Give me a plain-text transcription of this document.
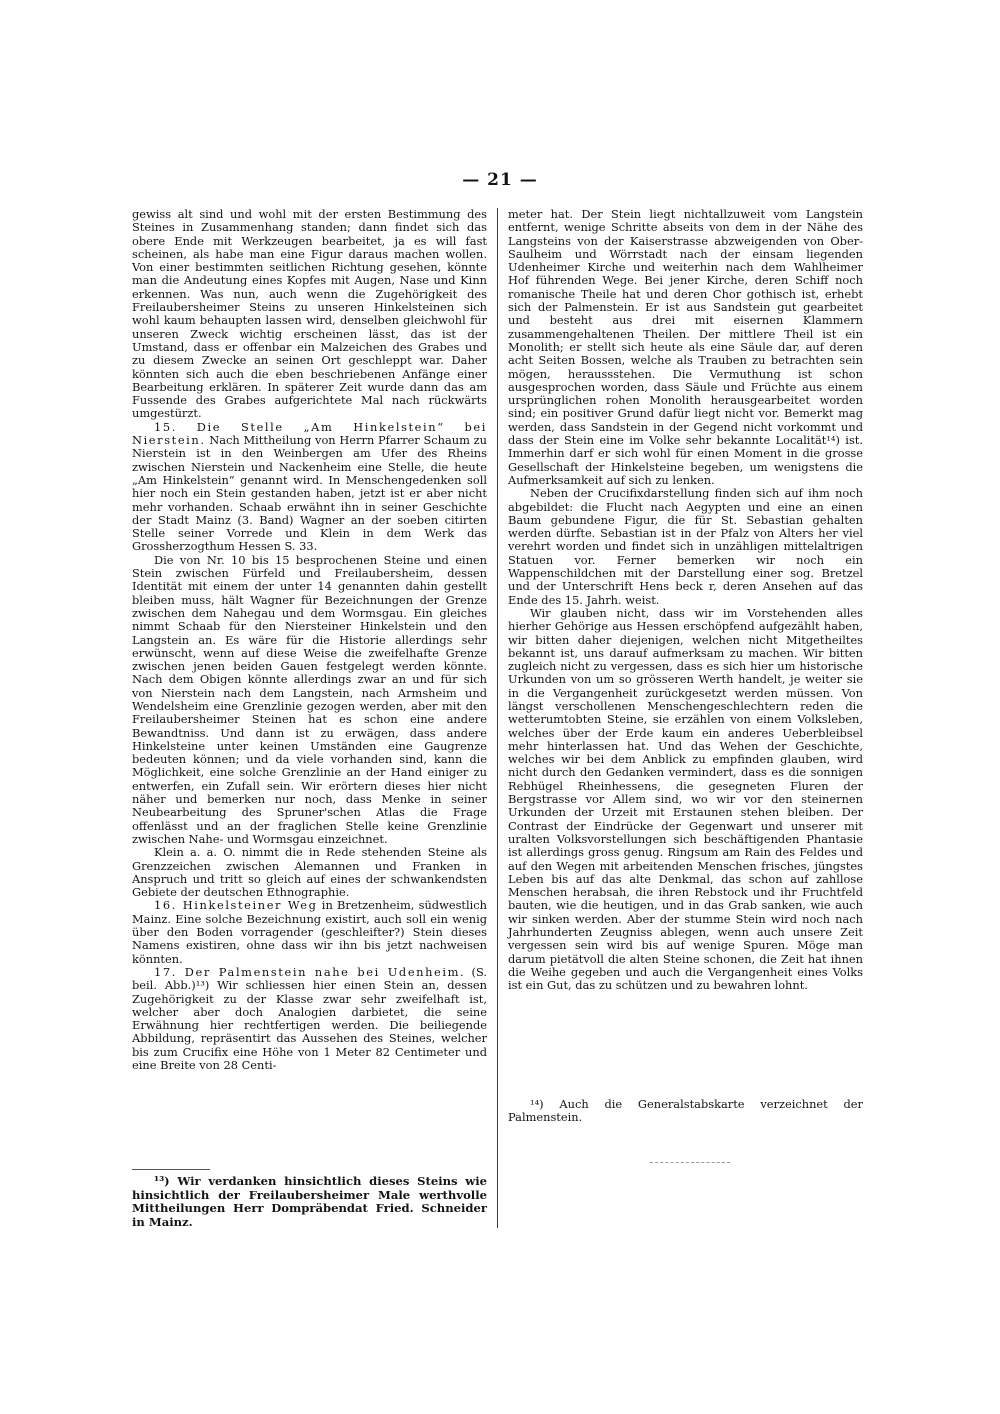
— 21 —

gewiss alt sind und wohl mit der ersten Bestimmung des Steines in Zusammenhang standen; dann findet sich das obere Ende mit Werkzeugen bearbeitet, ja es will fast scheinen, als habe man eine Figur daraus machen wollen. Von einer bestimmten seitlichen Richtung gesehen, könnte man die Andeutung eines Kopfes mit Augen, Nase und Kinn erkennen. Was nun, auch wenn die Zugehörigkeit des Freilaubersheimer Steins zu unseren Hinkelsteinen sich wohl kaum behaupten lassen wird, denselben gleichwohl für unseren Zweck wichtig erscheinen lässt, das ist der Umstand, dass er offenbar ein Malzeichen des Grabes und zu diesem Zwecke an seinen Ort geschleppt war. Daher könnten sich auch die eben beschriebenen Anfänge einer Bearbeitung erklären. In späterer Zeit wurde dann das am Fussende des Grabes aufgerichtete Mal nach rückwärts umgestürzt.

15. Die Stelle „Am Hinkelstein“ bei Nierstein. Nach Mittheilung von Herrn Pfarrer Schaum zu Nierstein ist in den Weinbergen am Ufer des Rheins zwischen Nierstein und Nackenheim eine Stelle, die heute „Am Hinkelstein“ genannt wird. In Menschengedenken soll hier noch ein Stein gestanden haben, jetzt ist er aber nicht mehr vorhanden. Schaab erwähnt ihn in seiner Geschichte der Stadt Mainz (3. Band) Wagner an der soeben citirten Stelle seiner Vorrede und Klein in dem Werk das Grossherzogthum Hessen S. 33.

Die von Nr. 10 bis 15 besprochenen Steine und einen Stein zwischen Fürfeld und Freilaubersheim, dessen Identität mit einem der unter 14 genannten dahin gestellt bleiben muss, hält Wagner für Bezeichnungen der Grenze zwischen dem Nahegau und dem Wormsgau. Ein gleiches nimmt Schaab für den Niersteiner Hinkelstein und den Langstein an. Es wäre für die Historie allerdings sehr erwünscht, wenn auf diese Weise die zweifelhafte Grenze zwischen jenen beiden Gauen festgelegt werden könnte. Nach dem Obigen könnte allerdings zwar an und für sich von Nierstein nach dem Langstein, nach Armsheim und Wendelsheim eine Grenzlinie gezogen werden, aber mit den Freilaubersheimer Steinen hat es schon eine andere Bewandtniss. Und dann ist zu erwägen, dass andere Hinkelsteine unter keinen Umständen eine Gaugrenze bedeuten können; und da viele vorhanden sind, kann die Möglichkeit, eine solche Grenzlinie an der Hand einiger zu entwerfen, ein Zufall sein. Wir erörtern dieses hier nicht näher und bemerken nur noch, dass Menke in seiner Neubearbeitung des Spruner'schen Atlas die Frage offenlässt und an der fraglichen Stelle keine Grenzlinie zwischen Nahe- und Wormsgau einzeichnet.

Klein a. a. O. nimmt die in Rede stehenden Steine als Grenzzeichen zwischen Alemannen und Franken in Anspruch und tritt so gleich auf eines der schwankendsten Gebiete der deutschen Ethnographie.

16. Hinkelsteiner Weg in Bretzenheim, südwestlich Mainz. Eine solche Bezeichnung existirt, auch soll ein wenig über den Boden vorragender (geschleifter?) Stein dieses Namens existiren, ohne dass wir ihn bis jetzt nachweisen könnten.

17. Der Palmenstein nahe bei Udenheim. (S. beil. Abb.)¹³) Wir schliessen hier einen Stein an, dessen Zugehörigkeit zu der Klasse zwar sehr zweifelhaft ist, welcher aber doch Analogien darbietet, die seine Erwähnung hier rechtfertigen werden. Die beiliegende Abbildung, repräsentirt das Aussehen des Steines, welcher bis zum Crucifix eine Höhe von 1 Meter 82 Centimeter und eine Breite von 28 Centi-

meter hat. Der Stein liegt nichtallzuweit vom Langstein entfernt, wenige Schritte abseits von dem in der Nähe des Langsteins von der Kaiserstrasse abzweigenden von Ober-Saulheim und Wörrstadt nach der einsam liegenden Udenheimer Kirche und weiterhin nach dem Wahlheimer Hof führenden Wege. Bei jener Kirche, deren Schiff noch romanische Theile hat und deren Chor gothisch ist, erhebt sich der Palmenstein. Er ist aus Sandstein gut gearbeitet und besteht aus drei mit eisernen Klammern zusammengehaltenen Theilen. Der mittlere Theil ist ein Monolith; er stellt sich heute als eine Säule dar, auf deren acht Seiten Bossen, welche als Trauben zu betrachten sein mögen, heraussstehen. Die Vermuthung ist schon ausgesprochen worden, dass Säule und Früchte aus einem ursprünglichen rohen Monolith herausgearbeitet worden sind; ein positiver Grund dafür liegt nicht vor. Bemerkt mag werden, dass Sandstein in der Gegend nicht vorkommt und dass der Stein eine im Volke sehr bekannte Localität¹⁴) ist. Immerhin darf er sich wohl für einen Moment in die grosse Gesellschaft der Hinkelsteine begeben, um wenigstens die Aufmerksamkeit auf sich zu lenken.

Neben der Crucifixdarstellung finden sich auf ihm noch abgebildet: die Flucht nach Aegypten und eine an einen Baum gebundene Figur, die für St. Sebastian gehalten werden dürfte. Sebastian ist in der Pfalz von Alters her viel verehrt worden und findet sich in unzähligen mittelaltrigen Statuen vor. Ferner bemerken wir noch ein Wappenschildchen mit der Darstellung einer sog. Bretzel und der Unterschrift Hens beck r, deren Ansehen auf das Ende des 15. Jahrh. weist.

Wir glauben nicht, dass wir im Vorstehenden alles hierher Gehörige aus Hessen erschöpfend aufgezählt haben, wir bitten daher diejenigen, welchen nicht Mitgetheiltes bekannt ist, uns darauf aufmerksam zu machen. Wir bitten zugleich nicht zu vergessen, dass es sich hier um historische Urkunden von um so grösseren Werth handelt, je weiter sie in die Vergangenheit zurückgesetzt werden müssen. Von längst verschollenen Menschengeschlechtern reden die wetterumtobten Steine, sie erzählen von einem Volksleben, welches über der Erde kaum ein anderes Ueberbleibsel mehr hinterlassen hat. Und das Wehen der Geschichte, welches wir bei dem Anblick zu empfinden glauben, wird nicht durch den Gedanken vermindert, dass es die sonnigen Rebhügel Rheinhessens, die gesegneten Fluren der Bergstrasse vor Allem sind, wo wir vor den steinernen Urkunden der Urzeit mit Erstaunen stehen bleiben. Der Contrast der Eindrücke der Gegenwart und unserer mit uralten Volksvorstellungen sich beschäftigenden Phantasie ist allerdings gross genug. Ringsum am Rain des Feldes und auf den Wegen mit arbeitenden Menschen frisches, jüngstes Leben bis auf das alte Denkmal, das schon auf zahllose Menschen herabsah, die ihren Rebstock und ihr Fruchtfeld bauten, wie die heutigen, und in das Grab sanken, wie auch wir sinken werden. Aber der stumme Stein wird noch nach Jahrhunderten Zeugniss ablegen, wenn auch unsere Zeit vergessen sein wird bis auf wenige Spuren. Möge man darum pietätvoll die alten Steine schonen, die Zeit hat ihnen die Weihe gegeben und auch die Vergangenheit eines Volks ist ein Gut, das zu schützen und zu bewahren lohnt.

¹³) Wir verdanken hinsichtlich dieses Steins wie hinsichtlich der Freilaubersheimer Male werthvolle Mittheilungen Herr Dompräbendat Fried. Schneider in Mainz.

¹⁴) Auch die Generalstabskarte verzeichnet der Palmenstein.
